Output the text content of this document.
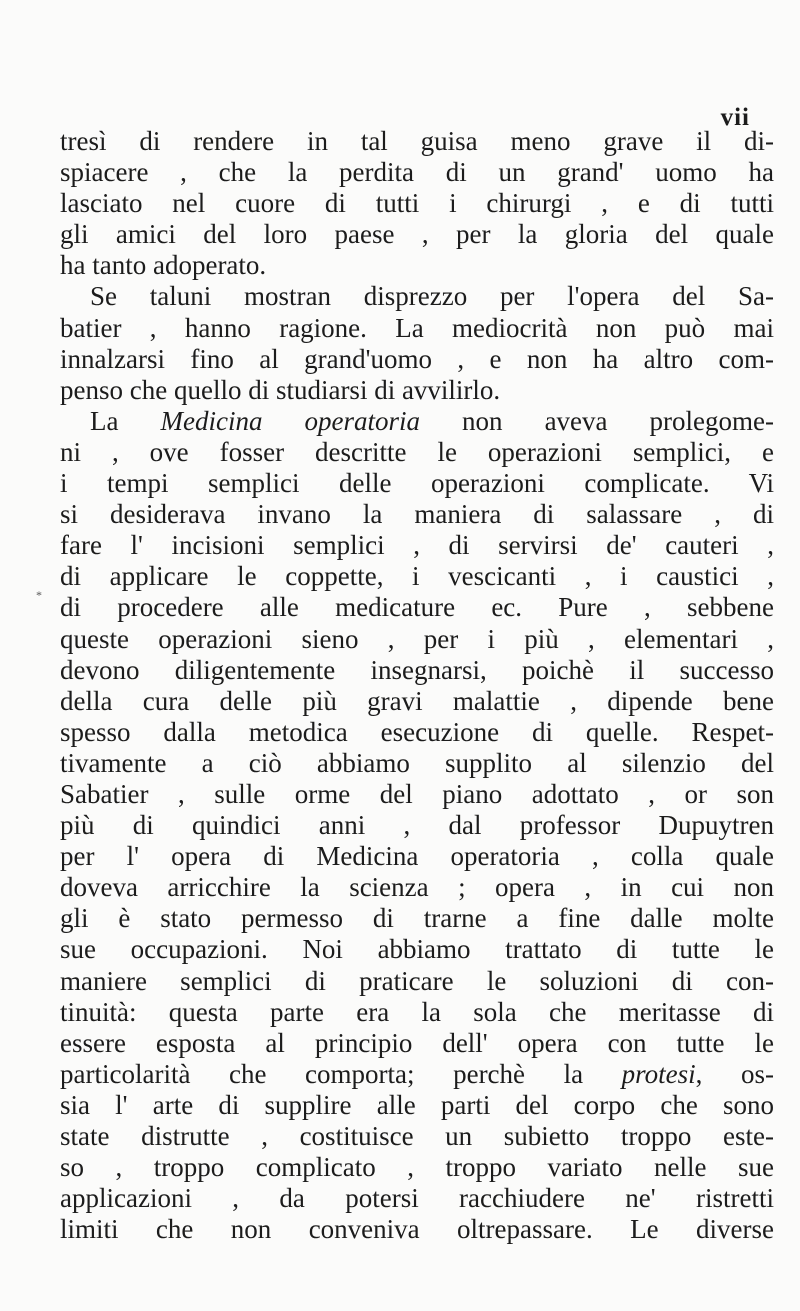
vii
*
tresì di rendere in tal guisa meno grave il di-
spiacere , che la perdita di un grand' uomo ha
lasciato nel cuore di tutti i chirurgi , e di tutti
gli amici del loro paese , per la gloria del quale
ha tanto adoperato.
Se taluni mostran disprezzo per l'opera del Sa-
batier , hanno ragione. La mediocrità non può mai
innalzarsi fino al grand'uomo , e non ha altro com-
penso che quello di studiarsi di avvilirlo.
La Medicina operatoria non aveva prolegome-
ni , ove fosser descritte le operazioni semplici, e
i tempi semplici delle operazioni complicate. Vi
si desiderava invano la maniera di salassare , di
fare l' incisioni semplici , di servirsi de' cauteri ,
di applicare le coppette, i vescicanti , i caustici ,
di procedere alle medicature ec. Pure , sebbene
queste operazioni sieno , per i più , elementari ,
devono diligentemente insegnarsi, poichè il successo
della cura delle più gravi malattie , dipende bene
spesso dalla metodica esecuzione di quelle. Respet-
tivamente a ciò abbiamo supplito al silenzio del
Sabatier , sulle orme del piano adottato , or son
più di quindici anni , dal professor Dupuytren
per l' opera di Medicina operatoria , colla quale
doveva arricchire la scienza ; opera , in cui non
gli è stato permesso di trarne a fine dalle molte
sue occupazioni. Noi abbiamo trattato di tutte le
maniere semplici di praticare le soluzioni di con-
tinuità: questa parte era la sola che meritasse di
essere esposta al principio dell' opera con tutte le
particolarità che comporta; perchè la protesi, os-
sia l' arte di supplire alle parti del corpo che sono
state distrutte , costituisce un subietto troppo este-
so , troppo complicato , troppo variato nelle sue
applicazioni , da potersi racchiudere ne' ristretti
limiti che non conveniva oltrepassare. Le diverse
